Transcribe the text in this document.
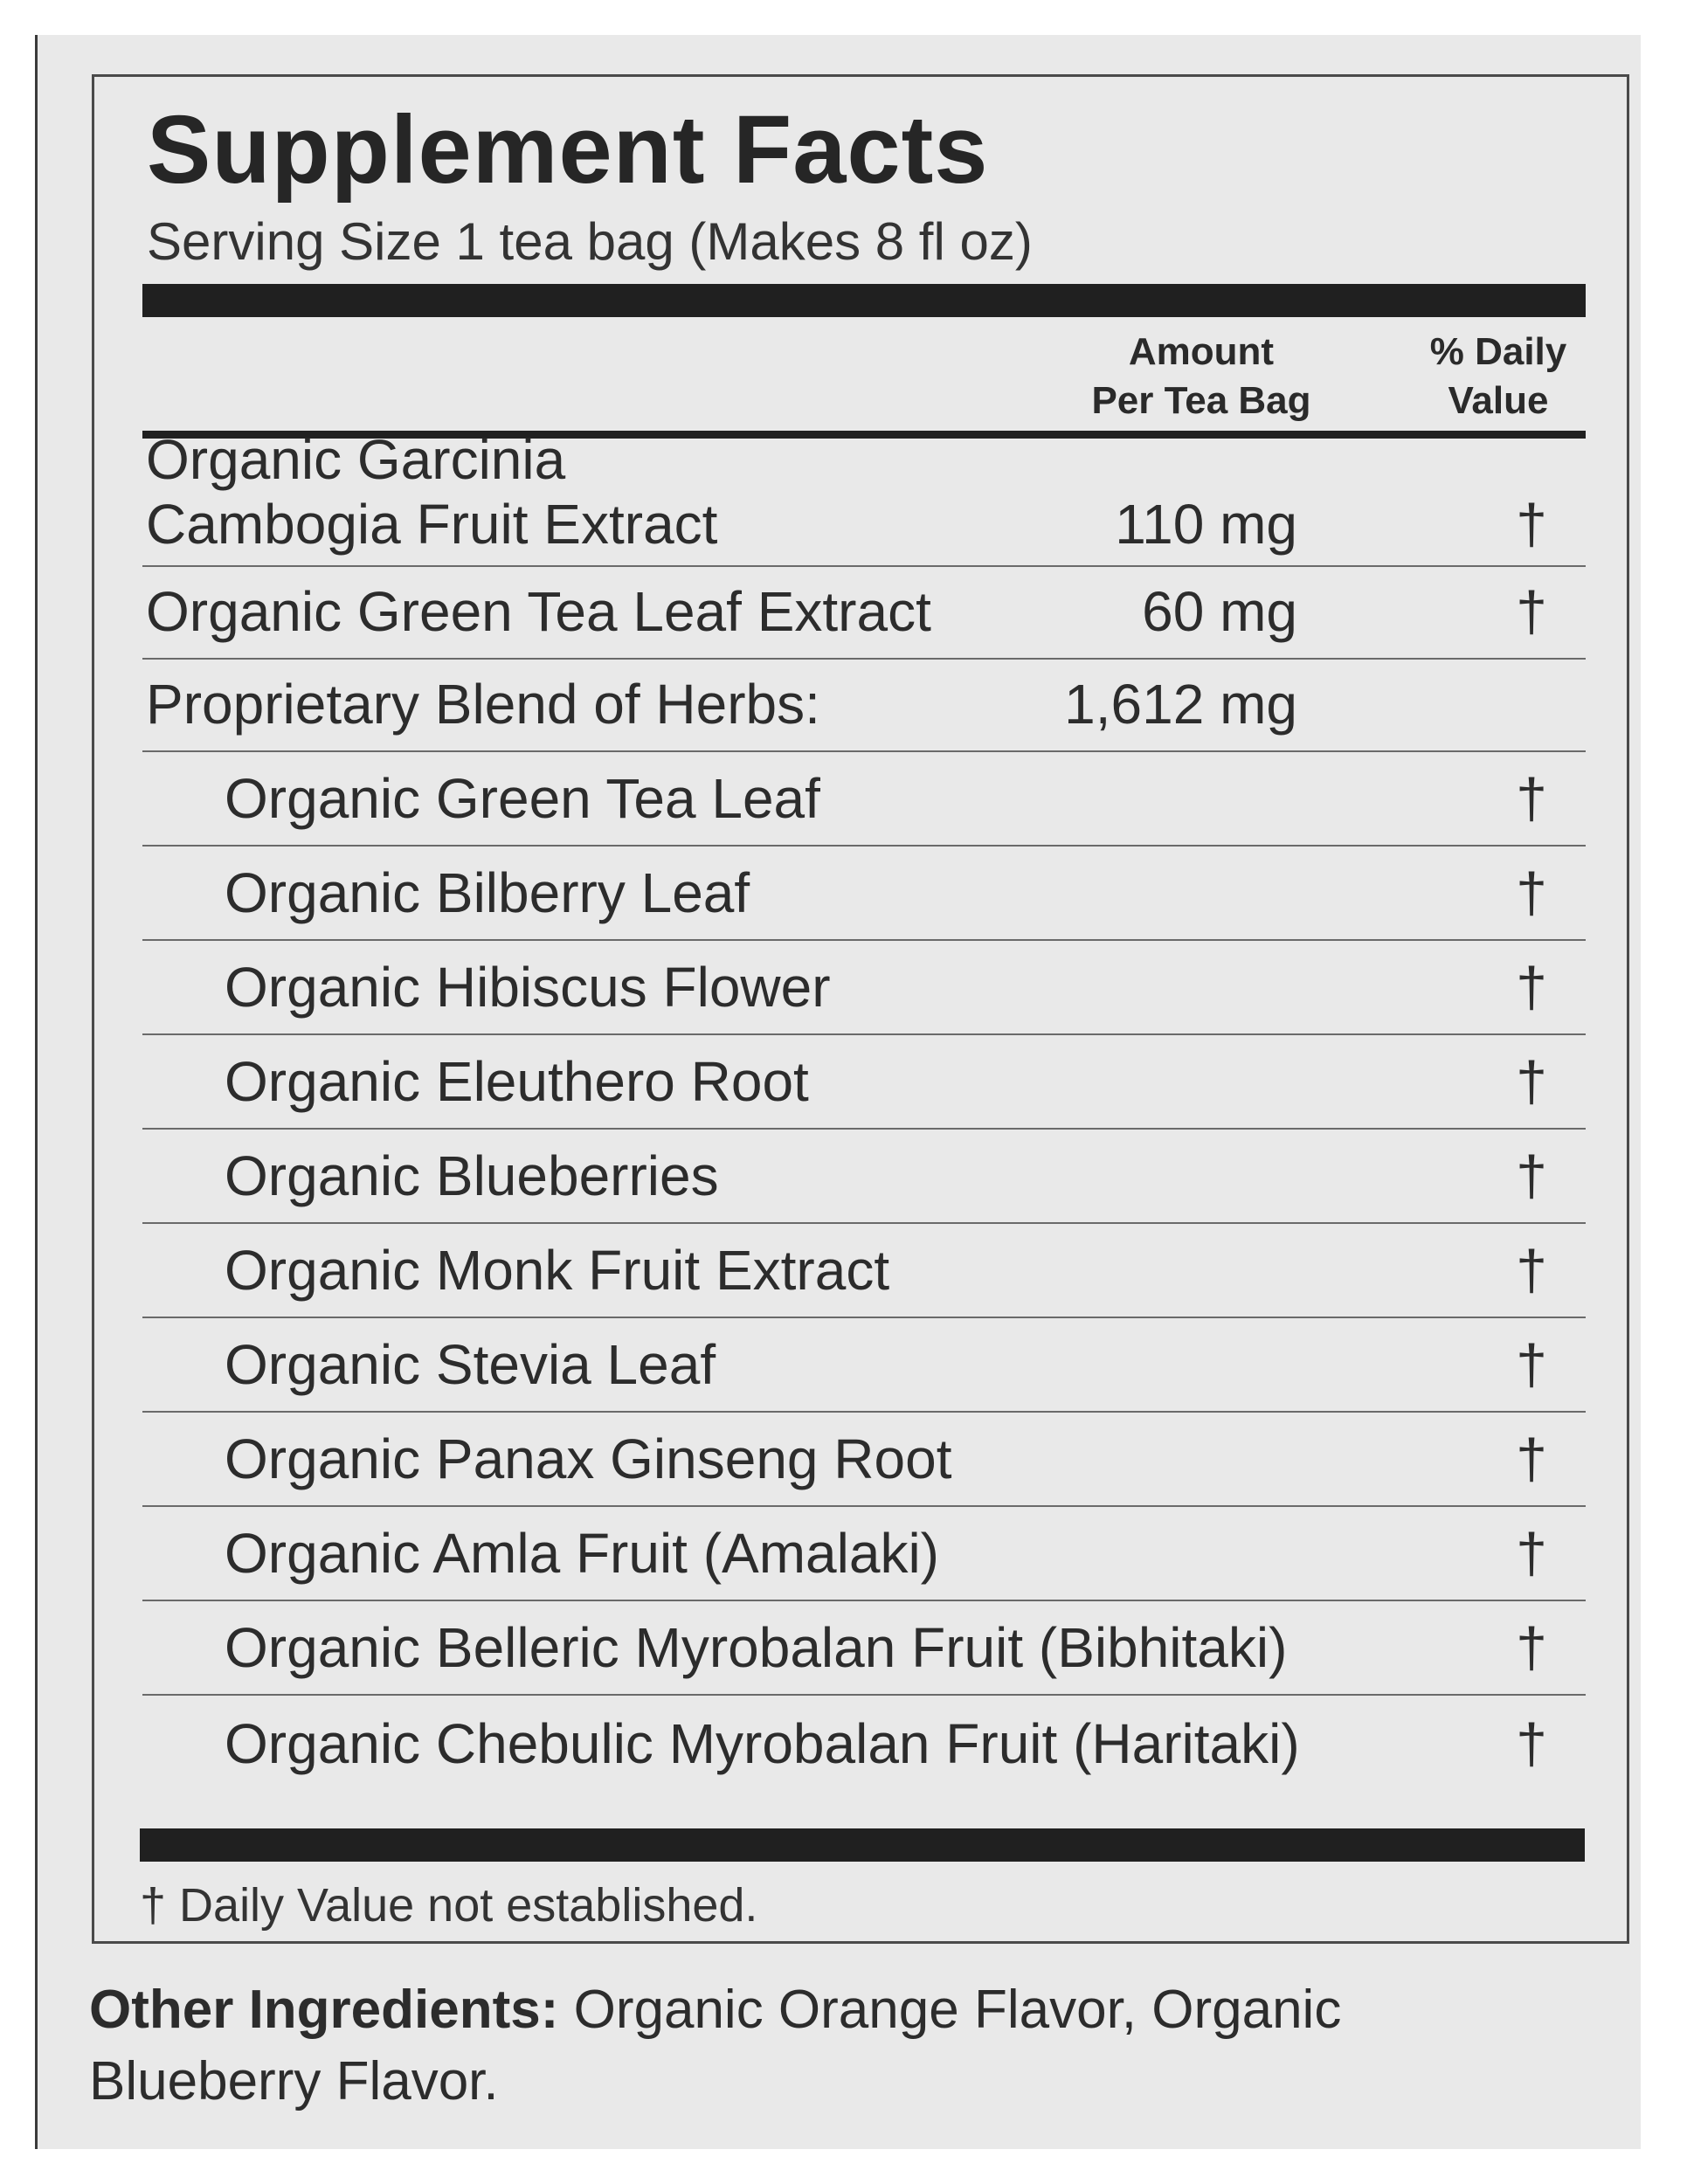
Supplement Facts
Serving Size 1 tea bag (Makes 8 fl oz)
Amount
Per Tea Bag
% Daily
Value
Organic Garcinia
Cambogia Fruit Extract	110 mg	†
Organic Green Tea Leaf Extract	60 mg	†
Proprietary Blend of Herbs:	1,612 mg
Organic Green Tea Leaf	†
Organic Bilberry Leaf	†
Organic Hibiscus Flower	†
Organic Eleuthero Root	†
Organic Blueberries	†
Organic Monk Fruit Extract	†
Organic Stevia Leaf	†
Organic Panax Ginseng Root	†
Organic Amla Fruit (Amalaki)	†
Organic Belleric Myrobalan Fruit (Bibhitaki)	†
Organic Chebulic Myrobalan Fruit (Haritaki)	†
† Daily Value not established.
Other Ingredients: Organic Orange Flavor, Organic Blueberry Flavor.
